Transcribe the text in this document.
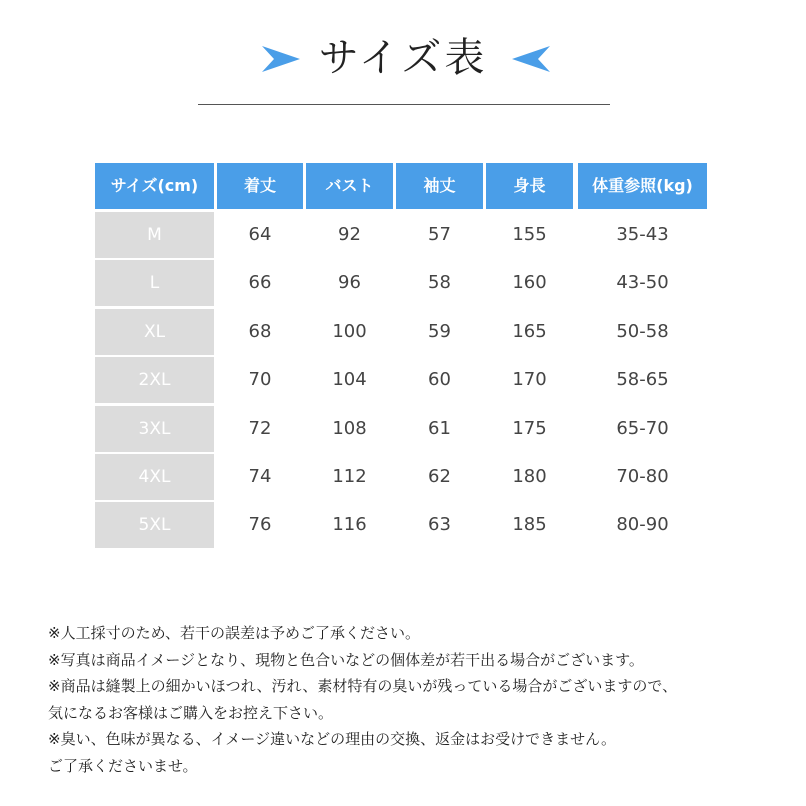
サイズ表
サイズ(cm)	着丈	バスト	袖丈	身長	体重参照(kg)
M	64	92	57	155	35-43
L	66	96	58	160	43-50
XL	68	100	59	165	50-58
2XL	70	104	60	170	58-65
3XL	72	108	61	175	65-70
4XL	74	112	62	180	70-80
5XL	76	116	63	185	80-90
※人工採寸のため、若干の誤差は予めご了承ください。
※写真は商品イメージとなり、現物と色合いなどの個体差が若干出る場合がございます。
※商品は縫製上の細かいほつれ、汚れ、素材特有の臭いが残っている場合がございますので、
気になるお客様はご購入をお控え下さい。
※臭い、色味が異なる、イメージ違いなどの理由の交換、返金はお受けできません。
ご了承くださいませ。
